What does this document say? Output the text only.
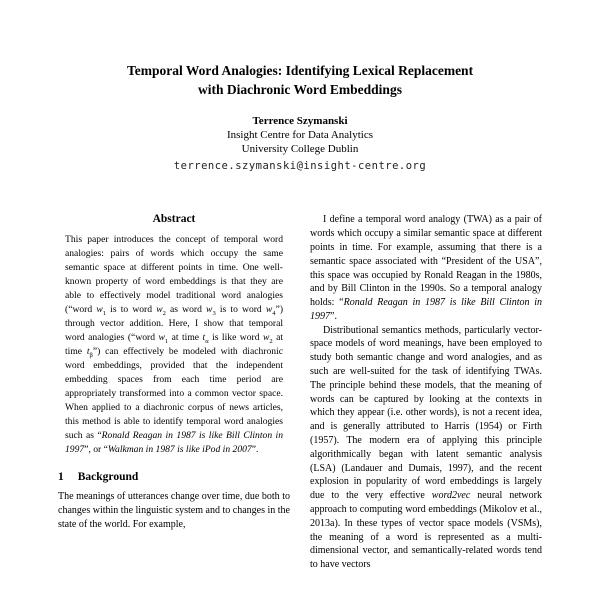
Temporal Word Analogies: Identifying Lexical Replacement
with Diachronic Word Embeddings
Terrence Szymanski
Insight Centre for Data Analytics
University College Dublin
terrence.szymanski@insight-centre.org
Abstract

This paper introduces the concept of temporal word analogies: pairs of words which occupy the same semantic space at different points in time. One well-known property of word embeddings is that they are able to effectively model traditional word analogies (“word $w_1$ is to word $w_2$ as word $w_3$ is to word $w_4$”) through vector addition. Here, I show that temporal word analogies (“word $w_1$ at time $t_\alpha$ is like word $w_2$ at time $t_\beta$”) can effectively be modeled with diachronic word embeddings, provided that the independent embedding spaces from each time period are appropriately transformed into a common vector space. When applied to a diachronic corpus of news articles, this method is able to identify temporal word analogies such as “Ronald Reagan in 1987 is like Bill Clinton in 1997”, or “Walkman in 1987 is like iPod in 2007”.

1 Background

The meanings of utterances change over time, due both to changes within the linguistic system and to changes in the state of the world. For example,

I define a temporal word analogy (TWA) as a pair of words which occupy a similar semantic space at different points in time. For example, assuming that there is a semantic space associated with “President of the USA”, this space was occupied by Ronald Reagan in the 1980s, and by Bill Clinton in the 1990s. So a temporal analogy holds: “Ronald Reagan in 1987 is like Bill Clinton in 1997”.

Distributional semantics methods, particularly vector-space models of word meanings, have been employed to study both semantic change and word analogies, and as such are well-suited for the task of identifying TWAs. The principle behind these models, that the meaning of words can be captured by looking at the contexts in which they appear (i.e. other words), is not a recent idea, and is generally attributed to Harris (1954) or Firth (1957). The modern era of applying this principle algorithmically began with latent semantic analysis (LSA) (Landauer and Dumais, 1997), and the recent explosion in popularity of word embeddings is largely due to the very effective word2vec neural network approach to computing word embeddings (Mikolov et al., 2013a). In these types of vector space models (VSMs), the meaning of a word is represented as a multi-dimensional vector, and semantically-related words tend to have vectors
